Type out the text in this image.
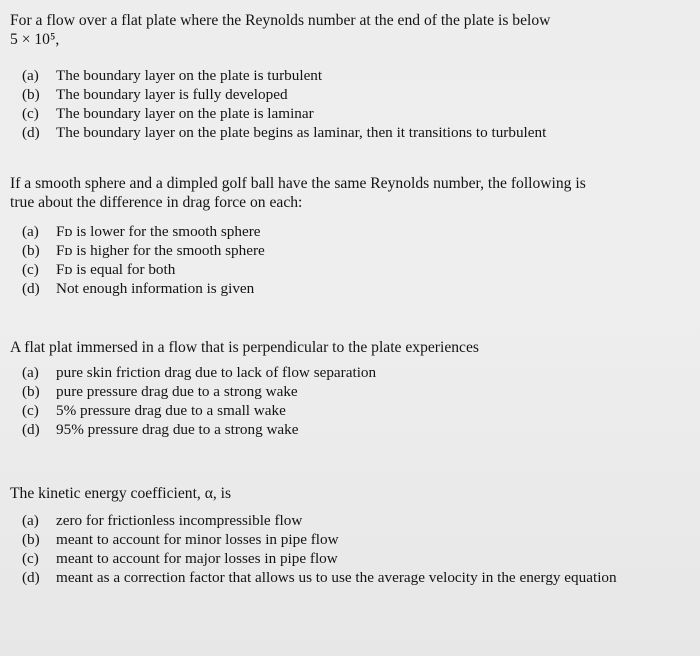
For a flow over a flat plate where the Reynolds number at the end of the plate is below
5 × 10⁵,

(a)	The boundary layer on the plate is turbulent
(b)	The boundary layer is fully developed
(c)	The boundary layer on the plate is laminar
(d)	The boundary layer on the plate begins as laminar, then it transitions to turbulent

If a smooth sphere and a dimpled golf ball have the same Reynolds number, the following is
true about the difference in drag force on each:

(a)	Fᴅ is lower for the smooth sphere
(b)	Fᴅ is higher for the smooth sphere
(c)	Fᴅ is equal for both
(d)	Not enough information is given

A flat plat immersed in a flow that is perpendicular to the plate experiences

(a)	pure skin friction drag due to lack of flow separation
(b)	pure pressure drag due to a strong wake
(c)	5% pressure drag due to a small wake
(d)	95% pressure drag due to a strong wake

The kinetic energy coefficient, α, is

(a)	zero for frictionless incompressible flow
(b)	meant to account for minor losses in pipe flow
(c)	meant to account for major losses in pipe flow
(d)	meant as a correction factor that allows us to use the average velocity in the energy equation
